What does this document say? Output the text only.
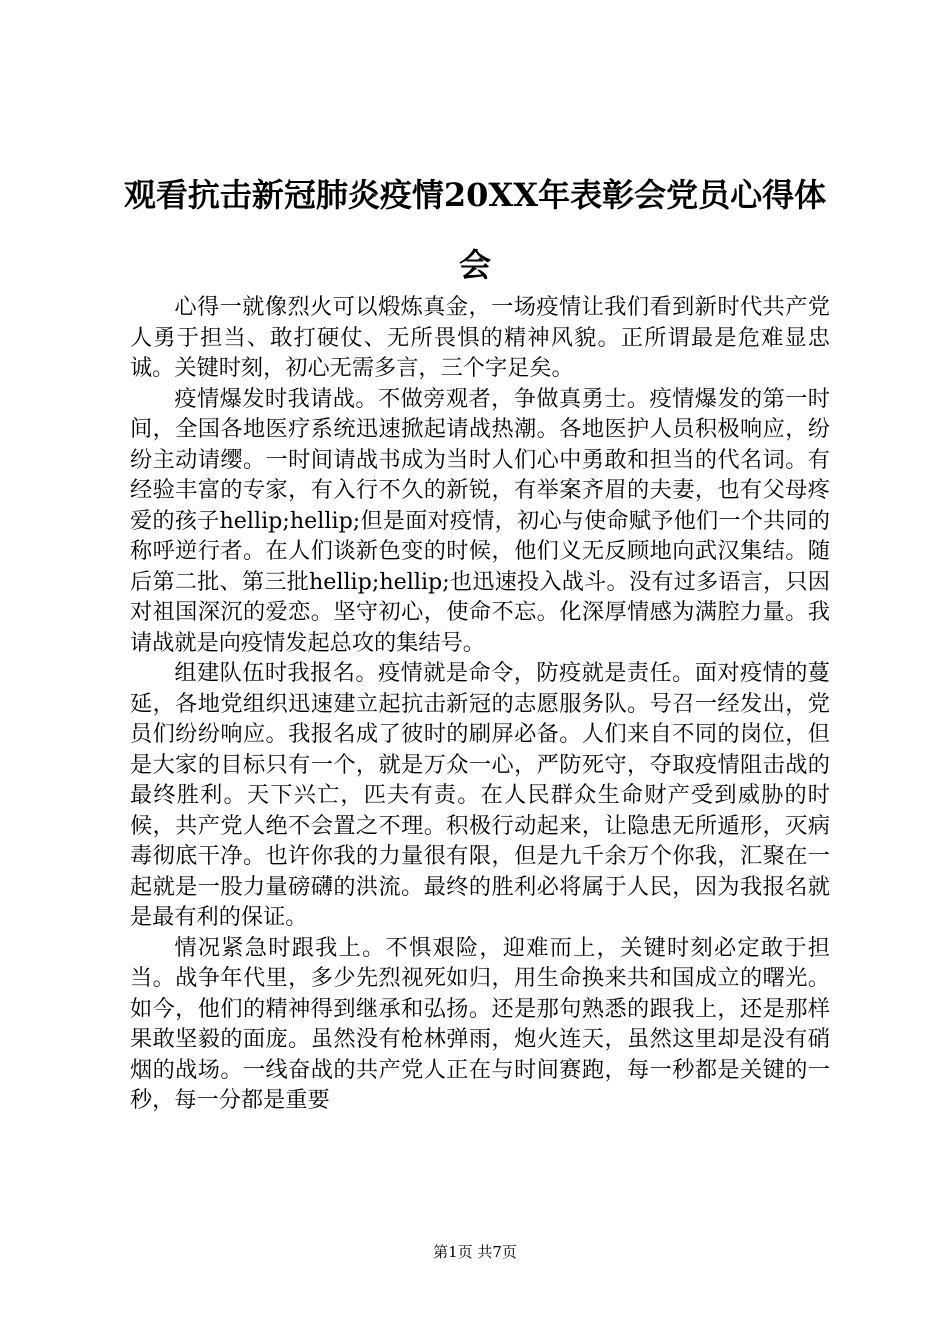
观看抗击新冠肺炎疫情20XX年表彰会党员心得体会

心得一就像烈火可以煅炼真金，一场疫情让我们看到新时代共产党人勇于担当、敢打硬仗、无所畏惧的精神风貌。正所谓最是危难显忠诚。关键时刻，初心无需多言，三个字足矣。

疫情爆发时我请战。不做旁观者，争做真勇士。疫情爆发的第一时间，全国各地医疗系统迅速掀起请战热潮。各地医护人员积极响应，纷纷主动请缨。一时间请战书成为当时人们心中勇敢和担当的代名词。有经验丰富的专家，有入行不久的新锐，有举案齐眉的夫妻，也有父母疼爱的孩子hellip;hellip;但是面对疫情，初心与使命赋予他们一个共同的称呼逆行者。在人们谈新色变的时候，他们义无反顾地向武汉集结。随后第二批、第三批hellip;hellip;也迅速投入战斗。没有过多语言，只因对祖国深沉的爱恋。坚守初心，使命不忘。化深厚情感为满腔力量。我请战就是向疫情发起总攻的集结号。

组建队伍时我报名。疫情就是命令，防疫就是责任。面对疫情的蔓延，各地党组织迅速建立起抗击新冠的志愿服务队。号召一经发出，党员们纷纷响应。我报名成了彼时的刷屏必备。人们来自不同的岗位，但是大家的目标只有一个，就是万众一心，严防死守，夺取疫情阻击战的最终胜利。天下兴亡，匹夫有责。在人民群众生命财产受到威胁的时候，共产党人绝不会置之不理。积极行动起来，让隐患无所遁形，灭病毒彻底干净。也许你我的力量很有限，但是九千余万个你我，汇聚在一起就是一股力量磅礴的洪流。最终的胜利必将属于人民，因为我报名就是最有利的保证。

情况紧急时跟我上。不惧艰险，迎难而上，关键时刻必定敢于担当。战争年代里，多少先烈视死如归，用生命换来共和国成立的曙光。如今，他们的精神得到继承和弘扬。还是那句熟悉的跟我上，还是那样果敢坚毅的面庞。虽然没有枪林弹雨，炮火连天，虽然这里却是没有硝烟的战场。一线奋战的共产党人正在与时间赛跑，每一秒都是关键的一秒，每一分都是重要

第1页 共7页
